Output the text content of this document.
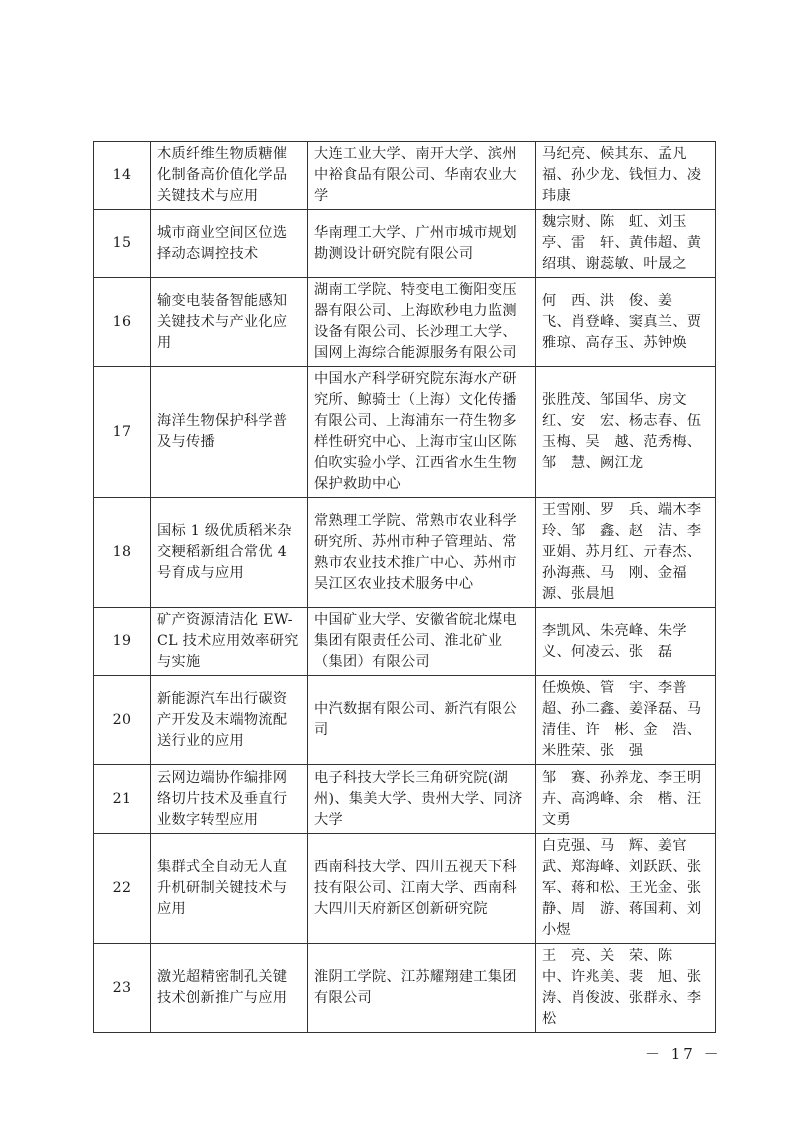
14	木质纤维生物质糖催化制备高价值化学品关键技术与应用	大连工业大学、南开大学、滨州中裕食品有限公司、华南农业大学	马纪亮、候其东、孟凡福、孙少龙、钱恒力、凌玮康
15	城市商业空间区位选择动态调控技术	华南理工大学、广州市城市规划勘测设计研究院有限公司	魏宗财、陈　虹、刘玉亭、雷　轩、黄伟超、黄绍琪、谢蕊敏、叶晟之
16	输变电装备智能感知关键技术与产业化应用	湖南工学院、特变电工衡阳变压器有限公司、上海欧秒电力监测设备有限公司、长沙理工大学、国网上海综合能源服务有限公司	何　西、洪　俊、姜　飞、肖登峰、窦真兰、贾雅琼、高存玉、苏钟焕
17	海洋生物保护科学普及与传播	中国水产科学研究院东海水产研究所、鲸骑士（上海）文化传播有限公司、上海浦东一苻生物多样性研究中心、上海市宝山区陈伯吹实验小学、江西省水生生物保护救助中心	张胜茂、邹国华、房文红、安　宏、杨志春、伍玉梅、吴　越、范秀梅、邹　慧、阙江龙
18	国标 1 级优质稻米杂交粳稻新组合常优 4 号育成与应用	常熟理工学院、常熟市农业科学研究所、苏州市种子管理站、常熟市农业技术推广中心、苏州市吴江区农业技术服务中心	王雪刚、罗　兵、端木李玲、邹　鑫、赵　洁、李亚娟、苏月红、亓春杰、孙海燕、马　刚、金福源、张晨旭
19	矿产资源清洁化 EW-CL 技术应用效率研究与实施	中国矿业大学、安徽省皖北煤电集团有限责任公司、淮北矿业（集团）有限公司	李凯风、朱亮峰、朱学义、何凌云、张　磊
20	新能源汽车出行碳资产开发及末端物流配送行业的应用	中汽数据有限公司、新汽有限公司	任焕焕、管　宇、李普超、孙二鑫、姜泽磊、马清佳、许　彬、金　浩、米胜荣、张　强
21	云网边端协作编排网络切片技术及垂直行业数字转型应用	电子科技大学长三角研究院(湖州)、集美大学、贵州大学、同济大学	邹　赛、孙养龙、李王明卉、高鸿峰、余　楷、汪文勇
22	集群式全自动无人直升机研制关键技术与应用	西南科技大学、四川五视天下科技有限公司、江南大学、西南科大四川天府新区创新研究院	白克强、马　辉、姜官武、郑海峰、刘跃跃、张　军、蒋和松、王光金、张　静、周　游、蒋国莉、刘小煜
23	激光超精密制孔关键技术创新推广与应用	淮阴工学院、江苏耀翔建工集团有限公司	王　亮、关　荣、陈　中、许兆美、裴　旭、张　涛、肖俊波、张群永、李　松
－ 17 －
